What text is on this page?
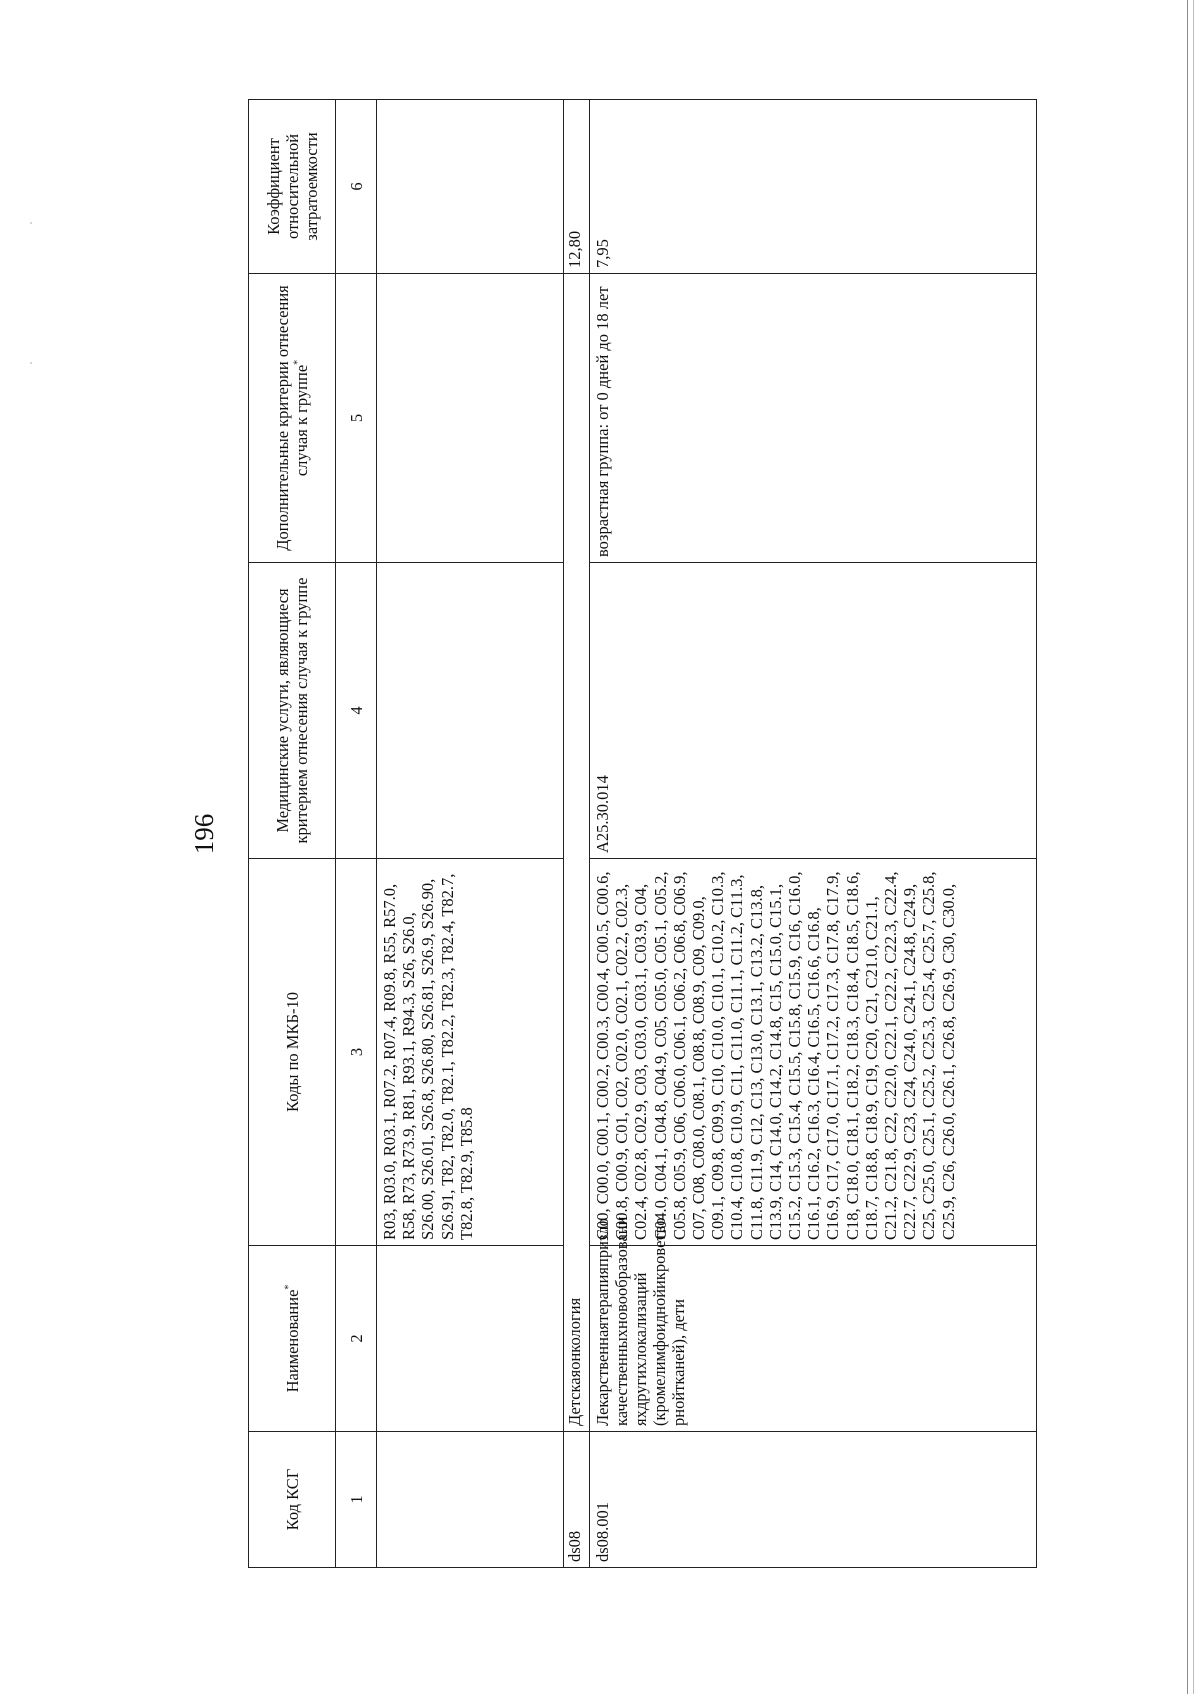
196
Код КСГ	Наименование*	Коды по МКБ-10	Медицинские услуги, являющиеся критерием отнесения случая к группе	Дополнительные критерии отнесения случая к группе*	Коэффициент относительной затратоемкости
1	2	3	4	5	6
		R03, R03.0, R03.1, R07.2, R07.4, R09.8, R55, R57.0, R58, R73, R73.9, R81, R93.1, R94.3, S26, S26.0, S26.00, S26.01, S26.8, S26.80, S26.81, S26.9, S26.90, S26.91, T82, T82.0, T82.1, T82.2, T82.3, T82.4, T82.7, T82.8, T82.9, T85.8			
ds08	Детскаяонкология				12,80
ds08.001	Лекарственнаятерапияпризло качественныхновообразовани яхдругихлокализаций (кромелимфоиднойикроветво рнойтканей), дети	C00, C00.0, C00.1, C00.2, C00.3, C00.4, C00.5, C00.6, C00.8, C00.9, C01, C02, C02.0, C02.1, C02.2, C02.3, C02.4, C02.8, C02.9, C03, C03.0, C03.1, C03.9, C04, C04.0, C04.1, C04.8, C04.9, C05, C05.0, C05.1, C05.2, C05.8, C05.9, C06, C06.0, C06.1, C06.2, C06.8, C06.9, C07, C08, C08.0, C08.1, C08.8, C08.9, C09, C09.0, C09.1, C09.8, C09.9, C10, C10.0, C10.1, C10.2, C10.3, C10.4, C10.8, C10.9, C11, C11.0, C11.1, C11.2, C11.3, C11.8, C11.9, C12, C13, C13.0, C13.1, C13.2, C13.8, C13.9, C14, C14.0, C14.2, C14.8, C15, C15.0, C15.1, C15.2, C15.3, C15.4, C15.5, C15.8, C15.9, C16, C16.0, C16.1, C16.2, C16.3, C16.4, C16.5, C16.6, C16.8, C16.9, C17, C17.0, C17.1, C17.2, C17.3, C17.8, C17.9, C18, C18.0, C18.1, C18.2, C18.3, C18.4, C18.5, C18.6, C18.7, C18.8, C18.9, C19, C20, C21, C21.0, C21.1, C21.2, C21.8, C22, C22.0, C22.1, C22.2, C22.3, C22.4, C22.7, C22.9, C23, C24, C24.0, C24.1, C24.8, C24.9, C25, C25.0, C25.1, C25.2, C25.3, C25.4, C25.7, C25.8, C25.9, C26, C26.0, C26.1, C26.8, C26.9, C30, C30.0,	A25.30.014	возрастная группа: от 0 дней до 18 лет	7,95
